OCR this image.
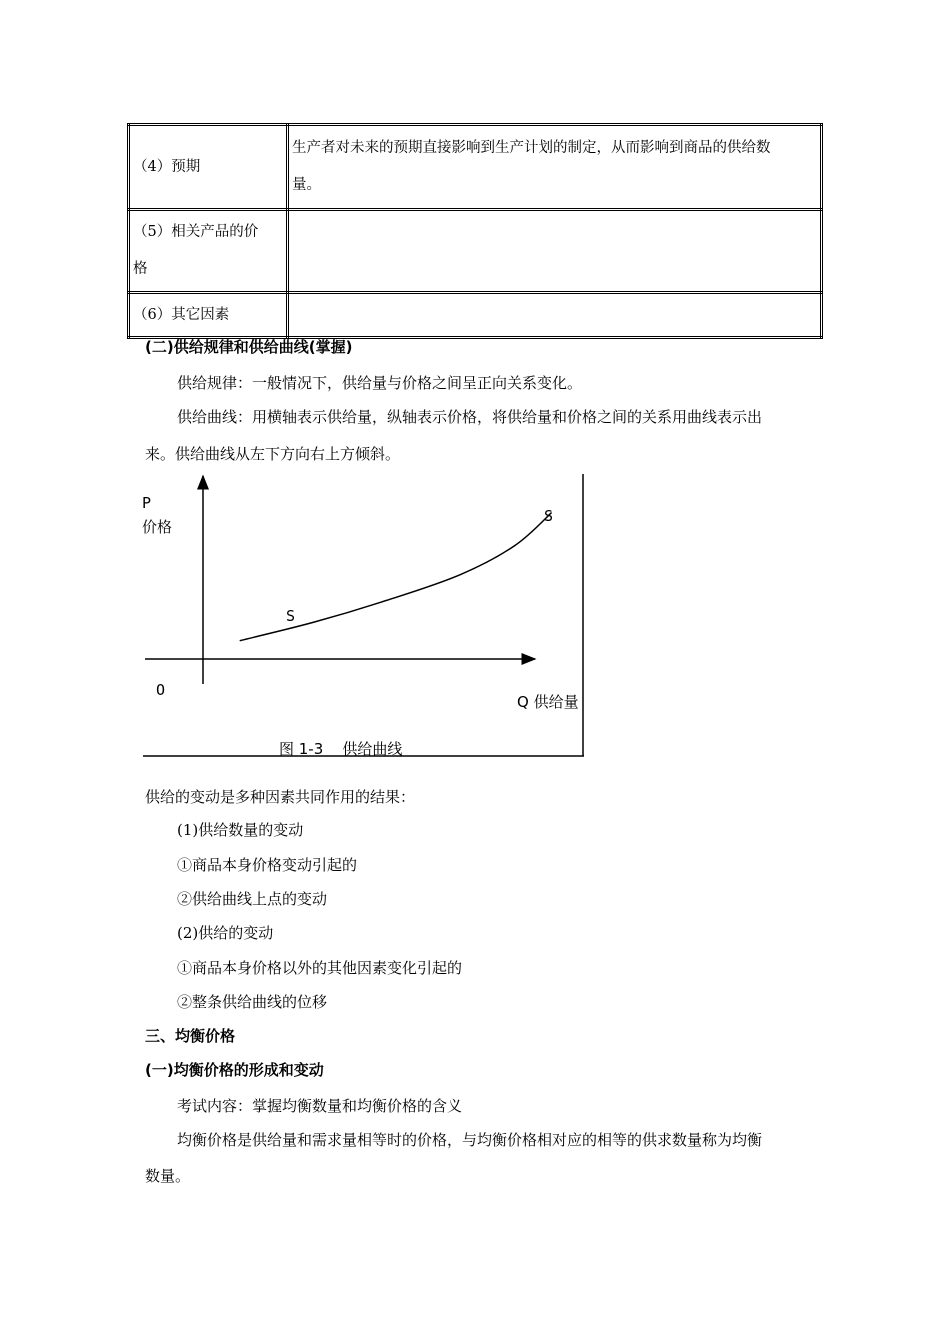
（4）预期	生产者对未来的预期直接影响到生产计划的制定，从而影响到商品的供给数
量。

（5）相关产品的价
格	

（6）其它因素	
(二)供给规律和供给曲线(掌握)
供给规律：一般情况下，供给量与价格之间呈正向关系变化。
供给曲线：用横轴表示供给量，纵轴表示价格，将供给量和价格之间的关系用曲线表示出
来。供给曲线从左下方向右上方倾斜。
P
价格
O
S
S
Q 供给量
图 1-3    供给曲线
供给的变动是多种因素共同作用的结果：
(1)供给数量的变动
①商品本身价格变动引起的
②供给曲线上点的变动
(2)供给的变动
①商品本身价格以外的其他因素变化引起的
②整条供给曲线的位移
三、均衡价格
(一)均衡价格的形成和变动
考试内容：掌握均衡数量和均衡价格的含义
均衡价格是供给量和需求量相等时的价格，与均衡价格相对应的相等的供求数量称为均衡
数量。
